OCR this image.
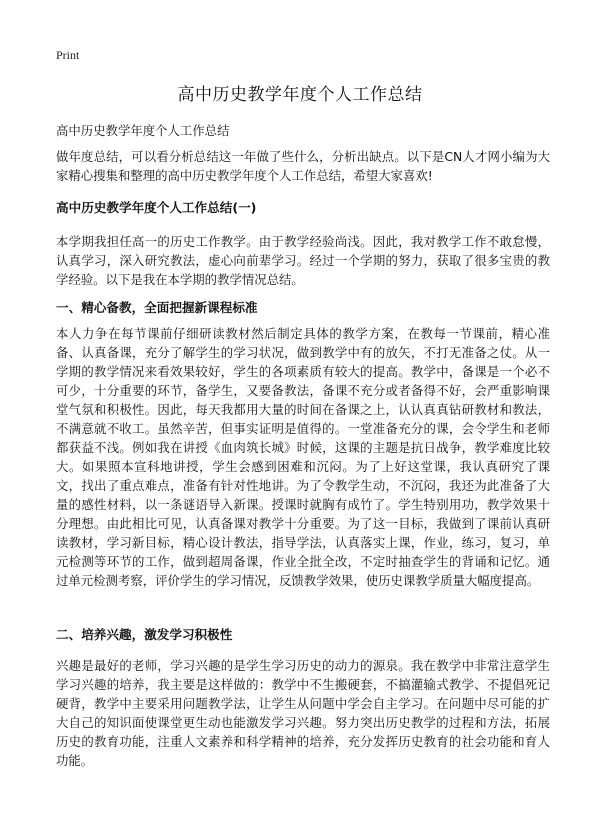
Print
高中历史教学年度个人工作总结

高中历史教学年度个人工作总结

做年度总结，可以看分析总结这一年做了些什么，分析出缺点。以下是CN人才网小编为大家精心搜集和整理的高中历史教学年度个人工作总结，希望大家喜欢!

高中历史教学年度个人工作总结(一)

本学期我担任高一的历史工作教学。由于教学经验尚浅。因此，我对教学工作不敢怠慢，认真学习，深入研究教法，虚心向前辈学习。经过一个学期的努力，获取了很多宝贵的教学经验。以下是我在本学期的教学情况总结。

一、精心备教，全面把握新课程标准

本人力争在每节课前仔细研读教材然后制定具体的教学方案，在教每一节课前，精心准备、认真备课，充分了解学生的学习状况，做到教学中有的放矢，不打无准备之仗。从一学期的教学情况来看效果较好，学生的各项素质有较大的提高。教学中，备课是一个必不可少，十分重要的环节，备学生，又要备教法，备课不充分或者备得不好，会严重影响课堂气氛和积极性。因此，每天我都用大量的时间在备课之上，认认真真钻研教材和教法，不满意就不收工。虽然辛苦，但事实证明是值得的。一堂准备充分的课，会令学生和老师都获益不浅。例如我在讲授《血肉筑长城》时候，这课的主题是抗日战争，教学难度比较大。如果照本宣科地讲授，学生会感到困难和沉闷。为了上好这堂课，我认真研究了课文，找出了重点难点，准备有针对性地讲。为了令教学生动，不沉闷，我还为此准备了大量的感性材料，以一条谜语导入新课。授课时就胸有成竹了。学生特别用功，教学效果十分理想。由此相比可见，认真备课对教学十分重要。为了这一目标，我做到了课前认真研读教材，学习新目标，精心设计教法，指导学法，认真落实上课，作业，练习，复习，单元检测等环节的工作，做到超周备课，作业全批全改，不定时抽查学生的背诵和记忆。通过单元检测考察，评价学生的学习情况，反馈教学效果，使历史课教学质量大幅度提高。

二、培养兴趣，激发学习积极性

兴趣是最好的老师，学习兴趣的是学生学习历史的动力的源泉。我在教学中非常注意学生学习兴趣的培养，我主要是这样做的：教学中不生搬硬套，不搞灌输式教学、不提倡死记硬背，教学中主要采用问题教学法，让学生从问题中学会自主学习。在问题中尽可能的扩大自己的知识面使课堂更生动也能激发学习兴趣。努力突出历史教学的过程和方法，拓展历史的教育功能，注重人文素养和科学精神的培养，充分发挥历史教育的社会功能和育人功能。
